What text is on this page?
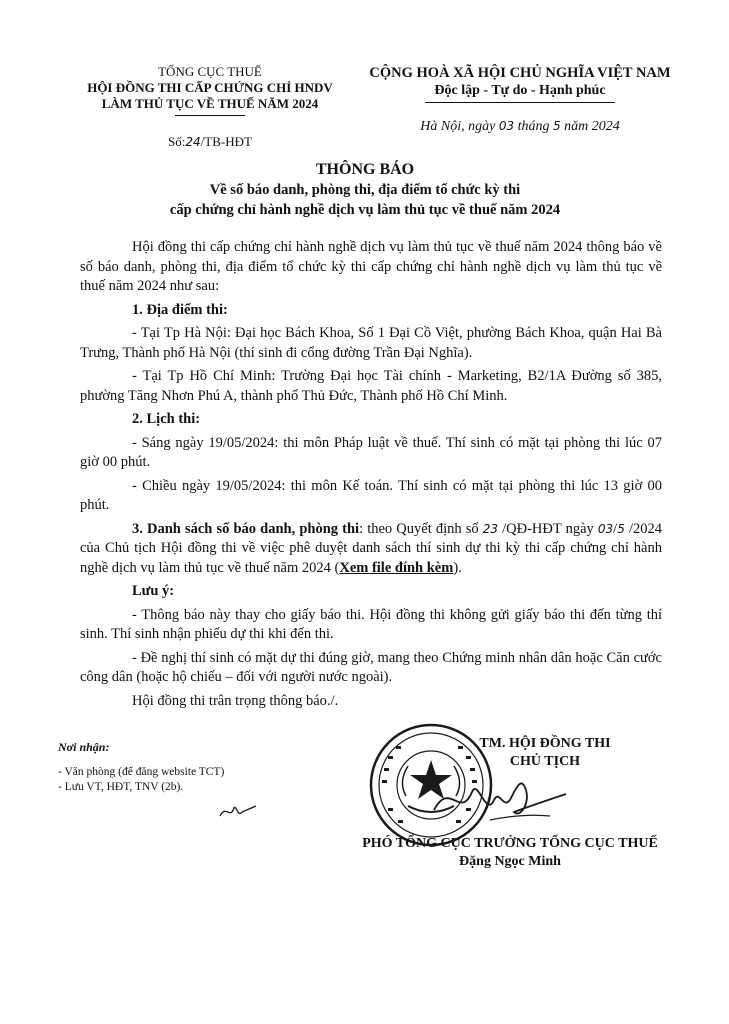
TỔNG CỤC THUẾ
HỘI ĐỒNG THI CẤP CHỨNG CHỈ HNDV
LÀM THỦ TỤC VỀ THUẾ NĂM 2024
Số:24/TB-HĐT
CỘNG HOÀ XÃ HỘI CHỦ NGHĨA VIỆT NAM
Độc lập - Tự do - Hạnh phúc
Hà Nội, ngày 03 tháng 5 năm 2024
THÔNG BÁO
Về số báo danh, phòng thi, địa điểm tổ chức kỳ thi
cấp chứng chỉ hành nghề dịch vụ làm thủ tục về thuế năm 2024

Hội đồng thi cấp chứng chỉ hành nghề dịch vụ làm thủ tục về thuế năm 2024 thông báo về số báo danh, phòng thi, địa điểm tổ chức kỳ thi cấp chứng chỉ hành nghề dịch vụ làm thủ tục về thuế năm 2024 như sau:

1. Địa điểm thi:

- Tại Tp Hà Nội: Đại học Bách Khoa, Số 1 Đại Cồ Việt, phường Bách Khoa, quận Hai Bà Trưng, Thành phố Hà Nội (thí sinh đi cổng đường Trần Đại Nghĩa).

- Tại Tp Hồ Chí Minh: Trường Đại học Tài chính - Marketing, B2/1A Đường số 385, phường Tăng Nhơn Phú A, thành phố Thủ Đức, Thành phố Hồ Chí Minh.

2. Lịch thi:

- Sáng ngày 19/05/2024: thi môn Pháp luật về thuế. Thí sinh có mặt tại phòng thi lúc 07 giờ 00 phút.

- Chiều ngày 19/05/2024: thi môn Kế toán. Thí sinh có mặt tại phòng thi lúc 13 giờ 00 phút.

3. Danh sách số báo danh, phòng thi: theo Quyết định số 23 /QĐ-HĐT ngày 03/5 /2024 của Chủ tịch Hội đồng thi về việc phê duyệt danh sách thí sinh dự thi kỳ thi cấp chứng chỉ hành nghề dịch vụ làm thủ tục về thuế năm 2024 (Xem file đính kèm).

Lưu ý:

- Thông báo này thay cho giấy báo thi. Hội đồng thi không gửi giấy báo thi đến từng thí sinh. Thí sinh nhận phiếu dự thi khi đến thi.

- Đề nghị thí sinh có mặt dự thi đúng giờ, mang theo Chứng minh nhân dân hoặc Căn cước công dân (hoặc hộ chiếu – đối với người nước ngoài).

Hội đồng thi trân trọng thông báo./.

Nơi nhận:
- Văn phòng (để đăng website TCT)
- Lưu VT, HĐT, TNV (2b).
TM. HỘI ĐỒNG THI
CHỦ TỊCH
PHÓ TỔNG CỤC TRƯỞNG TỔNG CỤC THUẾ
Đặng Ngọc Minh
